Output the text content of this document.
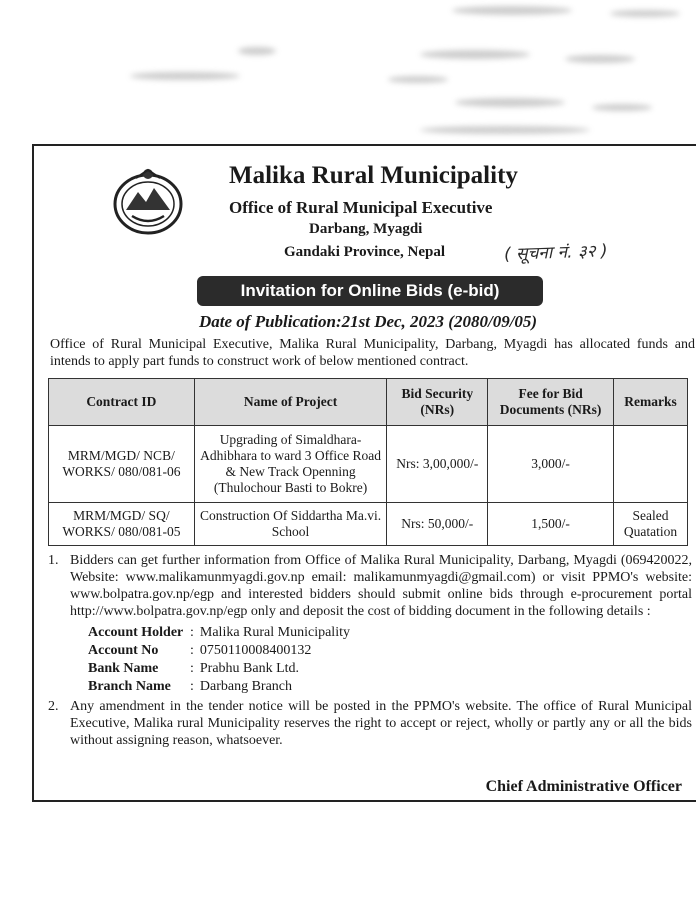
Malika Rural Municipality
Office of Rural Municipal Executive
Darbang, Myagdi
Gandaki Province, Nepal	( सूचना नं. ३२ )
Invitation for Online Bids (e-bid)
Date of Publication:21st Dec, 2023 (2080/09/05)
Office of Rural Municipal Executive, Malika Rural Municipality, Darbang, Myagdi has allocated funds and intends to apply part funds to construct work of below mentioned contract.
Contract ID	Name of Project	Bid Security (NRs)	Fee for Bid Documents (NRs)	Remarks
MRM/MGD/ NCB/ WORKS/ 080/081-06	Upgrading of Simaldhara-Adhibhara to ward 3 Office Road & New Track Openning (Thulochour Basti to Bokre)	Nrs: 3,00,000/-	3,000/-	
MRM/MGD/ SQ/ WORKS/ 080/081-05	Construction Of Siddartha Ma.vi. School	Nrs: 50,000/-	1,500/-	Sealed Quatation
1. Bidders can get further information from Office of Malika Rural Municipality, Darbang, Myagdi (069420022, Website: www.malikamunmyagdi.gov.np email: malikamunmyagdi@gmail.com) or visit PPMO's website: www.bolpatra.gov.np/egp and interested bidders should submit online bids through e-procurement portal http://www.bolpatra.gov.np/egp only and deposit the cost of bidding document in the following details :
Account Holder	:	Malika Rural Municipality
Account No	:	0750110008400132
Bank Name	:	Prabhu Bank Ltd.
Branch Name	:	Darbang Branch
2. Any amendment in the tender notice will be posted in the PPMO's website. The office of Rural Municipal Executive, Malika rural Municipality reserves the right to accept or reject, wholly or partly any or all the bids without assigning reason, whatsoever.
Chief Administrative Officer
